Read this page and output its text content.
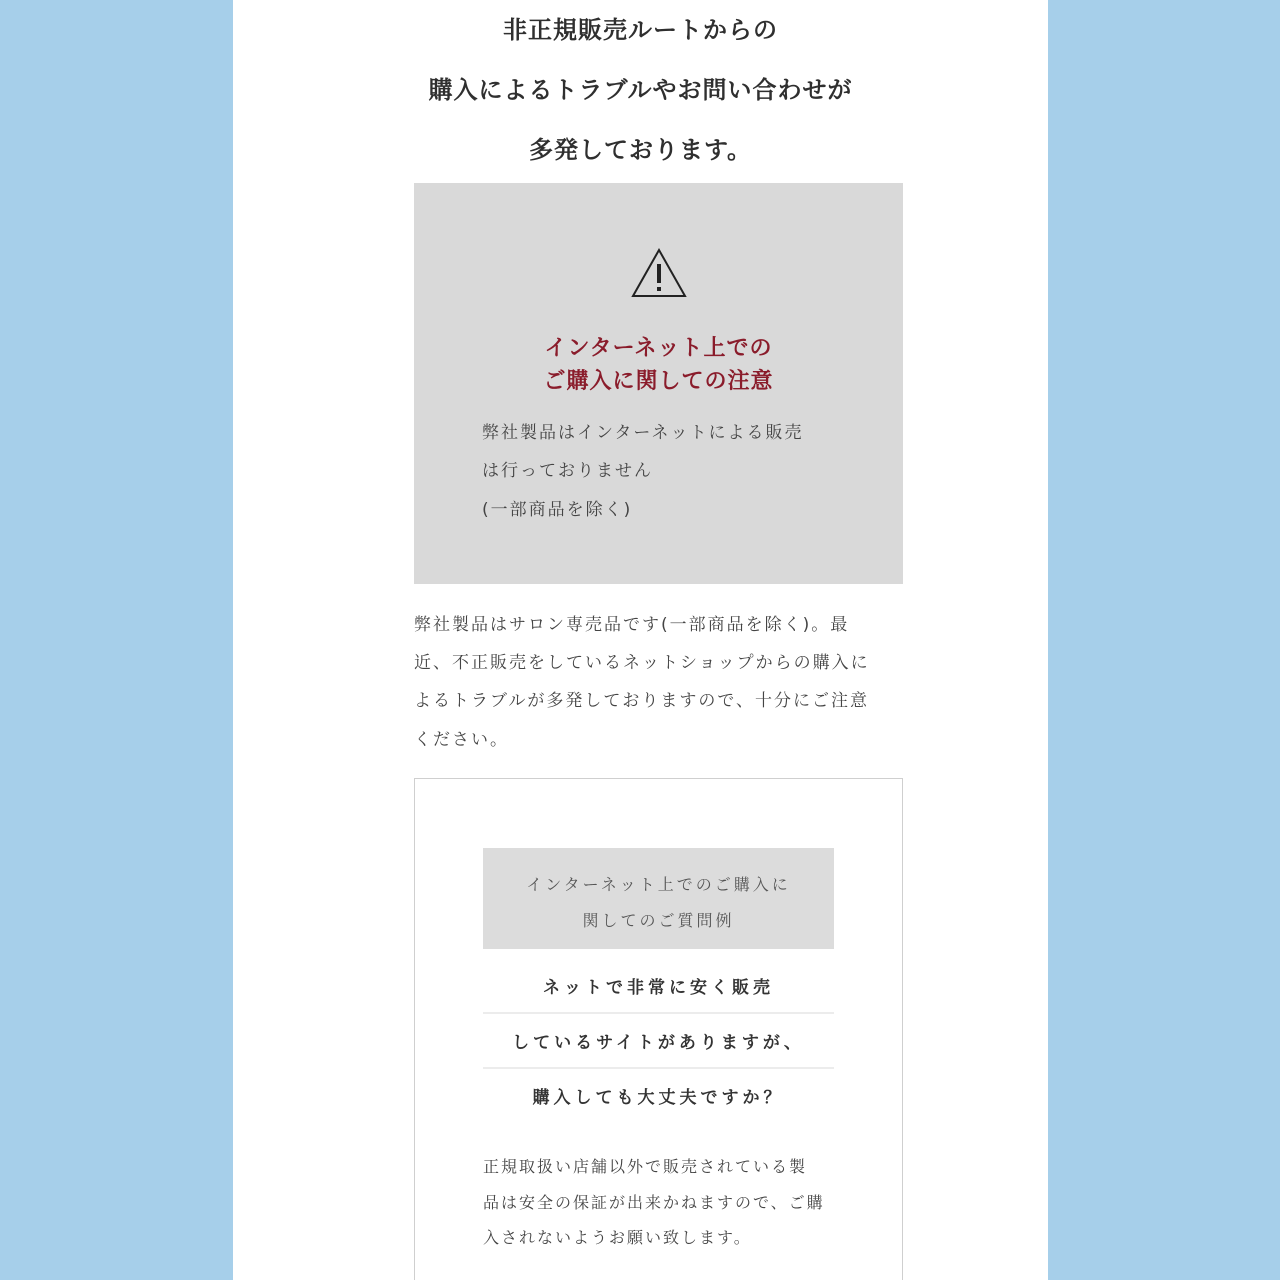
非正規販売ルートからの
購入によるトラブルやお問い合わせが
多発しております。
インターネット上での
ご購入に関しての注意
弊社製品はインターネットによる販売
は行っておりません
(一部商品を除く)
弊社製品はサロン専売品です(一部商品を除く)。最
近、不正販売をしているネットショップからの購入に
よるトラブルが多発しておりますので、十分にご注意
ください。
インターネット上でのご購入に
関してのご質問例
ネットで非常に安く販売
しているサイトがありますが、
購入しても大丈夫ですか？
正規取扱い店舗以外で販売されている製
品は安全の保証が出来かねますので、ご購
入されないようお願い致します。
